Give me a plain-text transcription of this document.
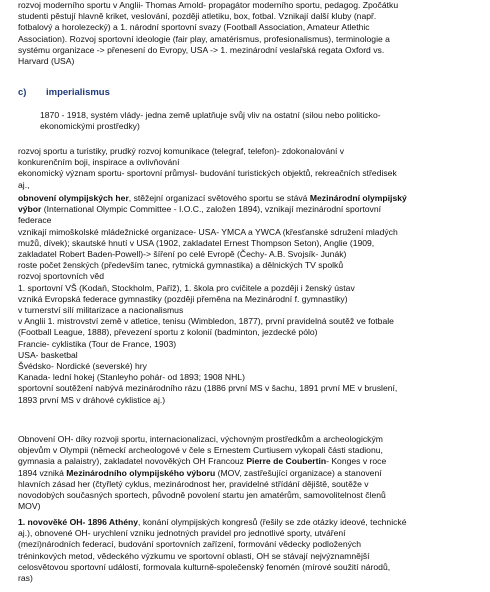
rozvoj moderního sportu v Anglii- Thomas Arnold- propagátor moderního sportu, pedagog. Zpočátku

studenti pěstují hlavně kriket, veslování, později atletiku, box, fotbal. Vznikají další kluby (např.

fotbalový a horolezecký) a 1. národní sportovní svazy (Football Association, Amateur Atlethic

Association). Rozvoj sportovní ideologie (fair play, amatérismus, profesionalismus), terminologie a

systému organizace -> přenesení do Evropy, USA -> 1. mezinárodní veslařská regata Oxford vs.

Harvard (USA)

c) imperialismus

1870 - 1918, systém vlády- jedna země uplatňuje svůj vliv na ostatní (silou nebo politicko-

ekonomickými prostředky)

rozvoj sportu a turistiky, prudký rozvoj komunikace (telegraf, telefon)- zdokonalování v

konkurenčním boji, inspirace a ovlivňování

ekonomický význam sportu- sportovní průmysl- budování turistických objektů, rekreačních středisek

aj.,

obnovení olympijských her, stěžejní organizací světového sportu se stává Mezinárodní olympijský

výbor (International Olympic Committee - I.O.C., založen 1894), vznikají mezinárodní sportovní

federace

vznikají mimoškolské mládežnické organizace- USA- YMCA a YWCA (křesťanské sdružení mladých

mužů, dívek); skautské hnutí v USA (1902, zakladatel Ernest Thompson Seton), Anglie (1909,

zakladatel Robert Baden-Powell)-> šíření po celé Evropě (Čechy- A.B. Svojsík- Junák)

roste počet ženských (především tanec, rytmická gymnastika) a dělnických TV spolků

rozvoj sportovních věd

1. sportovní VŠ (Kodaň, Stockholm, Paříž), 1. škola pro cvičitele a později i ženský ústav

vzniká Evropská federace gymnastiky (později přeměna na Mezinárodní f. gymnastiky)

v turnerství sílí militarizace a nacionalismus

v Anglii 1. mistrovství země v atletice, tenisu (Wimbledon, 1877), první pravidelná soutěž ve fotbale

(Football League, 1888), převezení sportu z kolonií (badminton, jezdecké pólo)

Francie- cyklistika (Tour de France, 1903)

USA- basketbal

Švédsko- Nordické (severské) hry

Kanada- lední hokej (Stanleyho pohár- od 1893; 1908 NHL)

sportovní soutěžení nabývá mezinárodního rázu (1886 první MS v šachu, 1891 první ME v bruslení,

1893 první MS v dráhové cyklistice aj.)

Obnovení OH- díky rozvoji sportu, internacionalizaci, výchovným prostředkům a archeologickým

objevům v Olympii (německí archeologové v čele s Ernestem Curtiusem vykopali části stadionu,

gymnasia a palaistry), zakladatel novověkých OH Francouz Pierre de Coubertin- Konges v roce

1894 vzniká Mezinárodního olympijského výboru (MOV, zastřešující organizace) a stanovení

hlavních zásad her (čtyřletý cyklus, mezinárodnost her, pravidelné střídání dějiště, soutěže v

novodobých současných sportech, původně povolení startu jen amatérům, samovolitelnost členů

MOV)

1. novověké OH- 1896 Athény, konání olympijských kongresů (řešily se zde otázky ideové, technické

aj.), obnovené OH- urychlení vzniku jednotných pravidel pro jednotlivé sporty, utváření

(mezi)národních federací, budování sportovních zařízení, formování vědecky podložených

tréninkových metod, vědeckého výzkumu ve sportovní oblasti, OH se stávají nejvýznamnější

celosvětovou sportovní událostí, formovala kulturně-společenský fenomén (mírové soužití národů,

ras)
